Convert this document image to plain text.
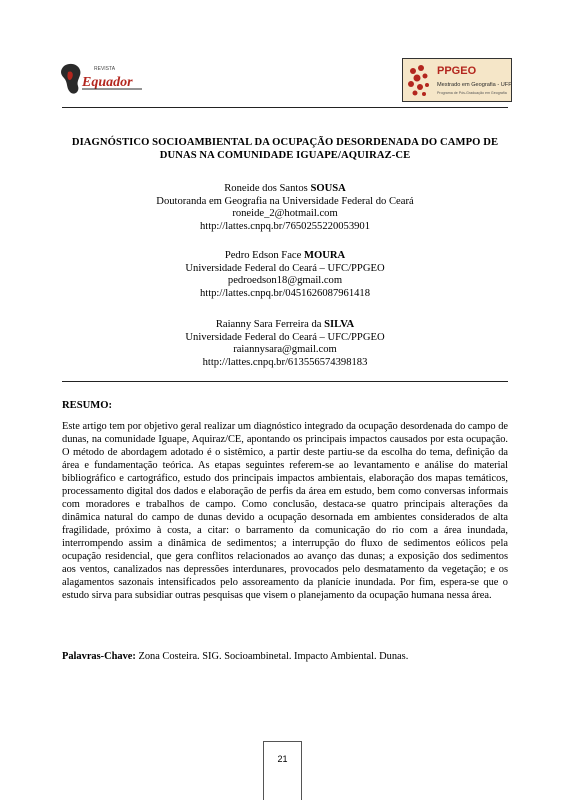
REVISTA
Equador
PPGEO
Mestrado em Geografia - UFPI
Programa de Pós-Graduação em Geografia
DIAGNÓSTICO SOCIOAMBIENTAL DA OCUPAÇÃO DESORDENADA DO CAMPO DE DUNAS NA COMUNIDADE IGUAPE/AQUIRAZ-CE
Roneide dos Santos SOUSA
Doutoranda em Geografia na Universidade Federal do Ceará
roneide_2@hotmail.com
http://lattes.cnpq.br/7650255220053901
Pedro Edson Face MOURA
Universidade Federal do Ceará – UFC/PPGEO
pedroedson18@gmail.com
http://lattes.cnpq.br/0451626087961418
Raianny Sara Ferreira da SILVA
Universidade Federal do Ceará – UFC/PPGEO
raiannysara@gmail.com
http://lattes.cnpq.br/613556574398183
RESUMO:
Este artigo tem por objetivo geral realizar um diagnóstico integrado da ocupação desordenada do campo de dunas, na comunidade Iguape, Aquiraz/CE, apontando os principais impactos causados por esta ocupação. O método de abordagem adotado é o sistêmico, a partir deste partiu-se da escolha do tema, definição da área e fundamentação teórica. As etapas seguintes referem-se ao levantamento e análise do material bibliográfico e cartográfico, estudo dos principais impactos ambientais, elaboração dos mapas temáticos, processamento digital dos dados e elaboração de perfis da área em estudo, bem como conversas informais com moradores e trabalhos de campo. Como conclusão, destaca-se quatro principais alterações da dinâmica natural do campo de dunas devido a ocupação desornada em ambientes considerados de alta fragilidade, próximo à costa, a citar: o barramento da comunicação do rio com a área inundada, interrompendo assim a dinâmica de sedimentos; a interrupção do fluxo de sedimentos eólicos pela ocupação residencial, que gera conflitos relacionados ao avanço das dunas; a exposição dos sedimentos aos ventos, canalizados nas depressões interdunares, provocados pelo desmatamento da vegetação; e os alagamentos sazonais intensificados pelo assoreamento da planície inundada. Por fim, espera-se que o estudo sirva para subsidiar outras pesquisas que visem o planejamento da ocupação humana nessa área.
Palavras-Chave: Zona Costeira. SIG. Socioambinetal. Impacto Ambiental. Dunas.
21
